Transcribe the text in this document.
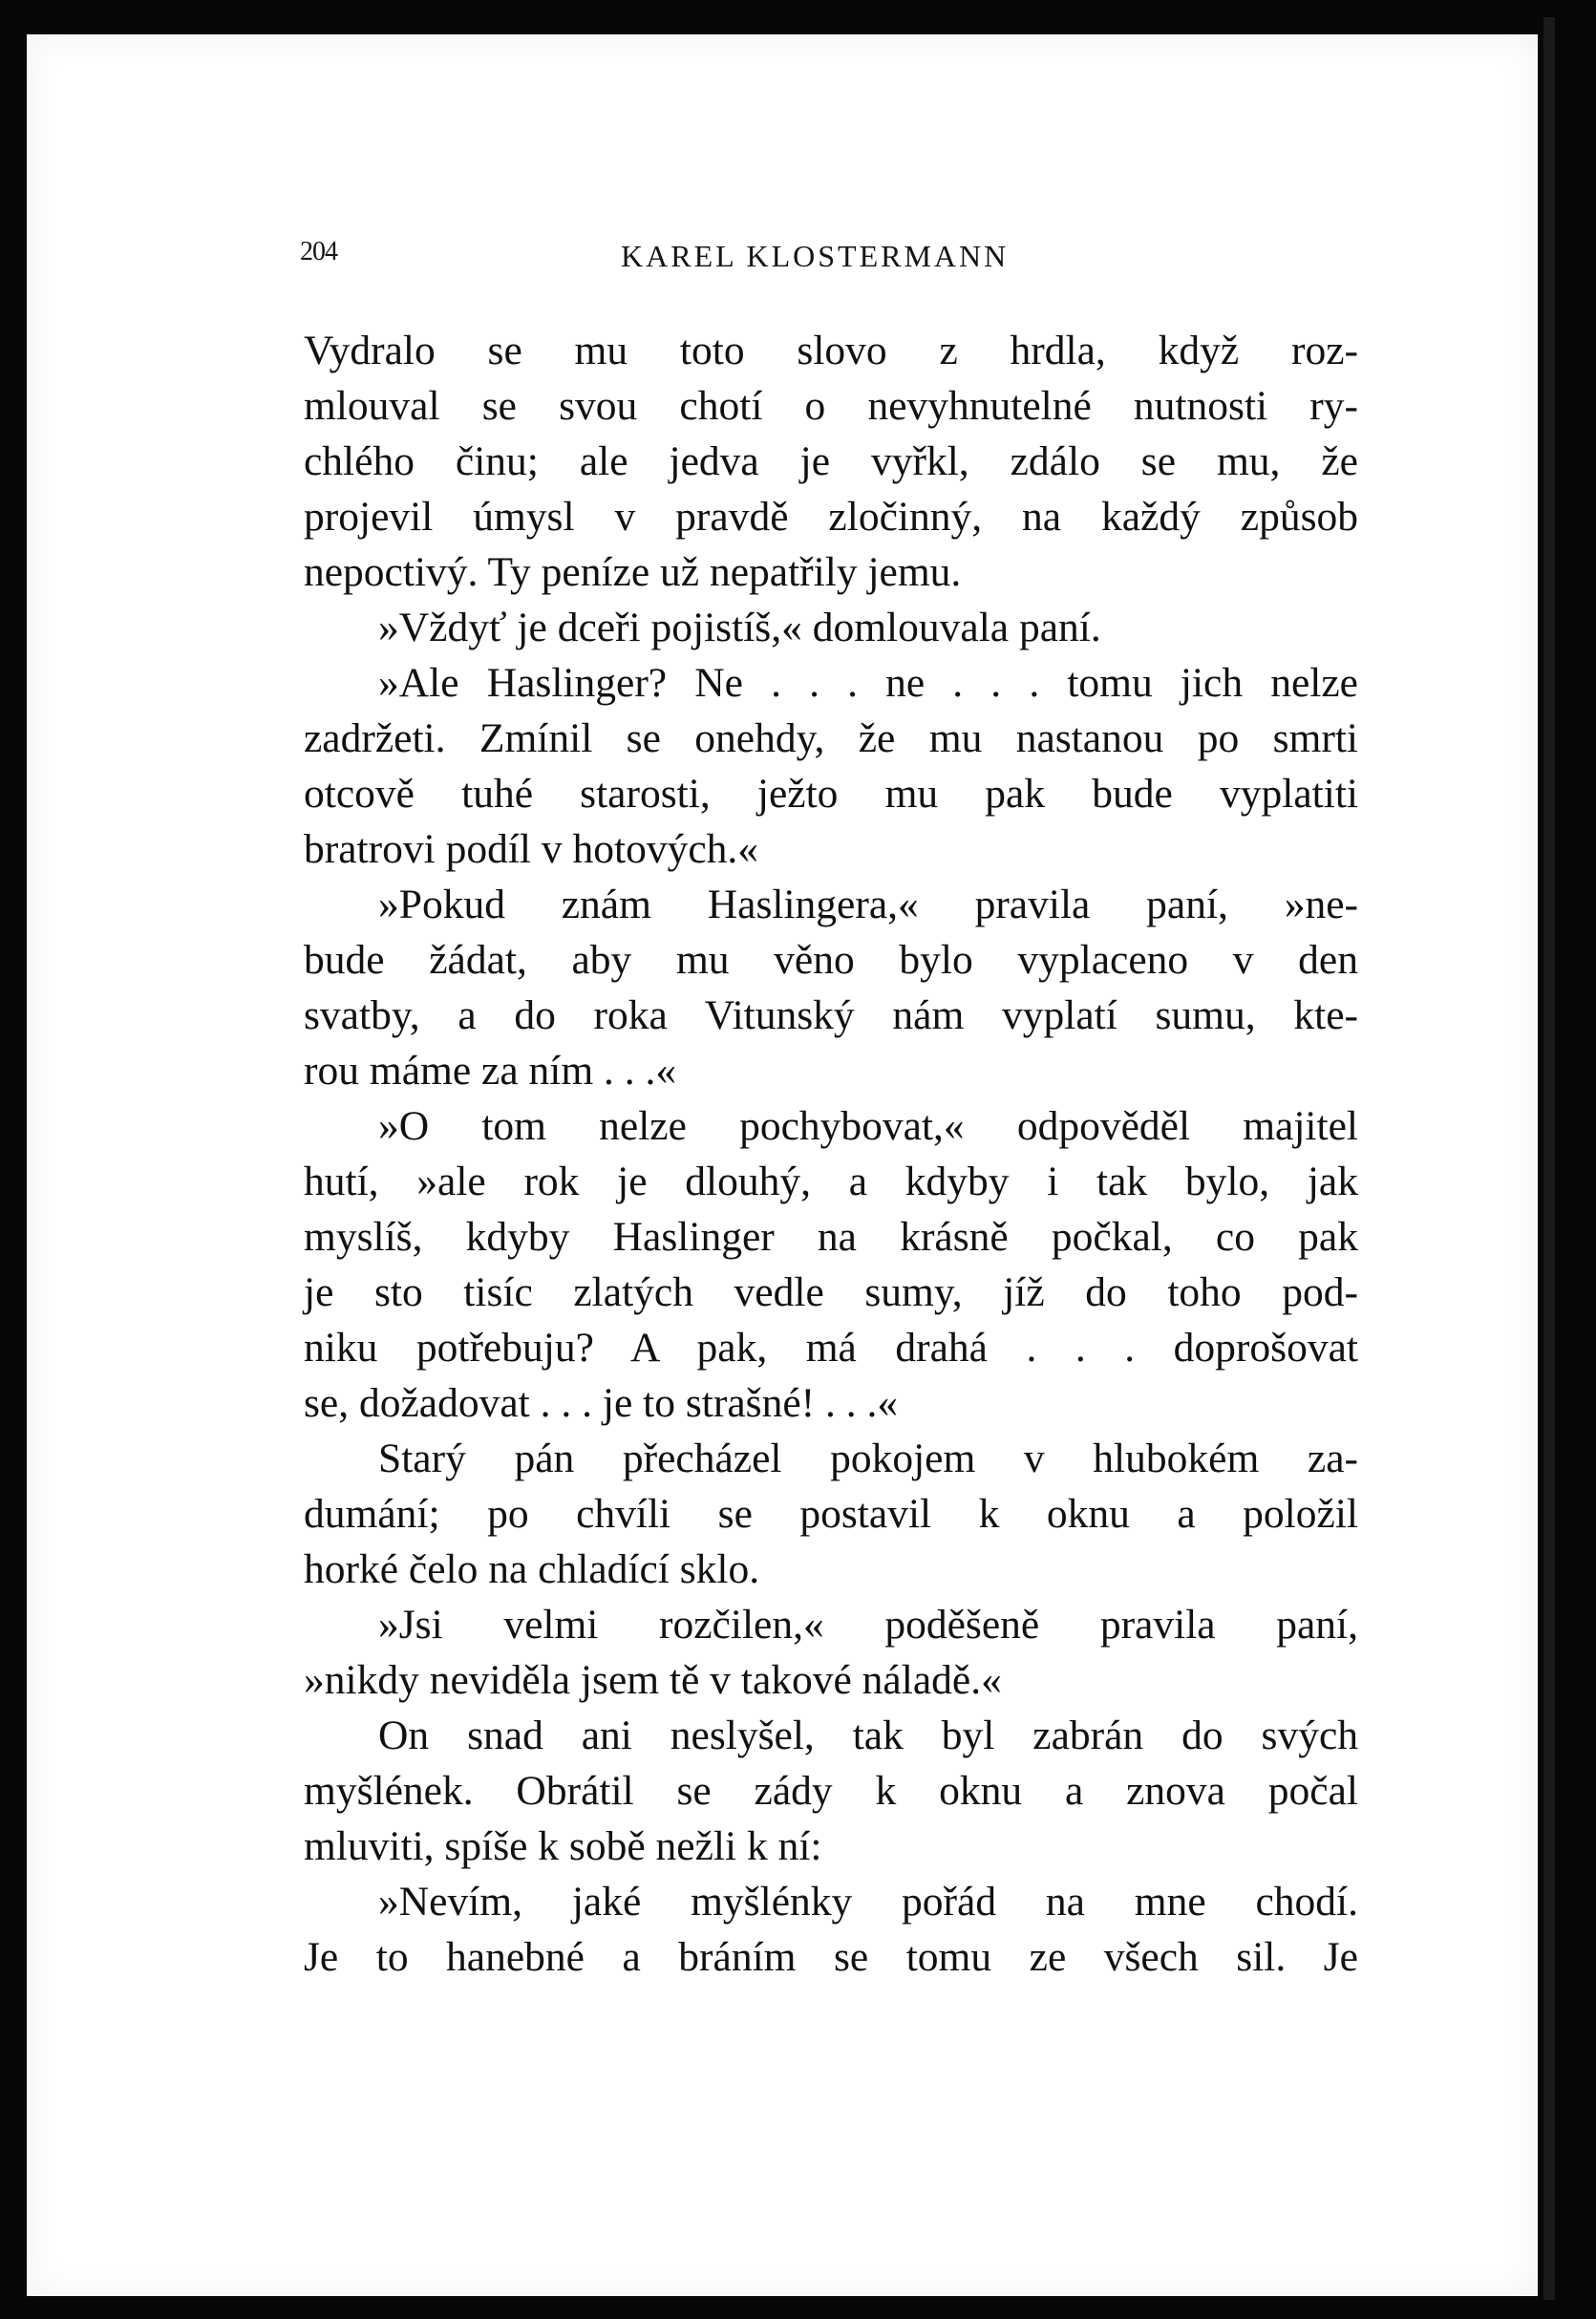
204	KAREL KLOSTERMANN
Vydralo se mu toto slovo z hrdla, když roz-
mlouval se svou chotí o nevyhnutelné nutnosti ry-
chlého činu; ale jedva je vyřkl, zdálo se mu, že
projevil úmysl v pravdě zločinný, na každý způsob
nepoctivý. Ty peníze už nepatřily jemu.
»Vždyť je dceři pojistíš,« domlouvala paní.
»Ale Haslinger? Ne . . . ne . . . tomu jich nelze
zadržeti. Zmínil se onehdy, že mu nastanou po smrti
otcově tuhé starosti, ježto mu pak bude vyplatiti
bratrovi podíl v hotových.«
»Pokud znám Haslingera,« pravila paní, »ne-
bude žádat, aby mu věno bylo vyplaceno v den
svatby, a do roka Vitunský nám vyplatí sumu, kte-
rou máme za ním . . .«
»O tom nelze pochybovat,« odpověděl majitel
hutí, »ale rok je dlouhý, a kdyby i tak bylo, jak
myslíš, kdyby Haslinger na krásně počkal, co pak
je sto tisíc zlatých vedle sumy, jíž do toho pod-
niku potřebuju? A pak, má drahá . . . doprošovat
se, dožadovat . . . je to strašné! . . .«
Starý pán přecházel pokojem v hlubokém za-
dumání; po chvíli se postavil k oknu a položil
horké čelo na chladící sklo.
»Jsi velmi rozčilen,« poděšeně pravila paní,
»nikdy neviděla jsem tě v takové náladě.«
On snad ani neslyšel, tak byl zabrán do svých
myšlének. Obrátil se zády k oknu a znova počal
mluviti, spíše k sobě nežli k ní:
»Nevím, jaké myšlénky pořád na mne chodí.
Je to hanebné a bráním se tomu ze všech sil. Je
